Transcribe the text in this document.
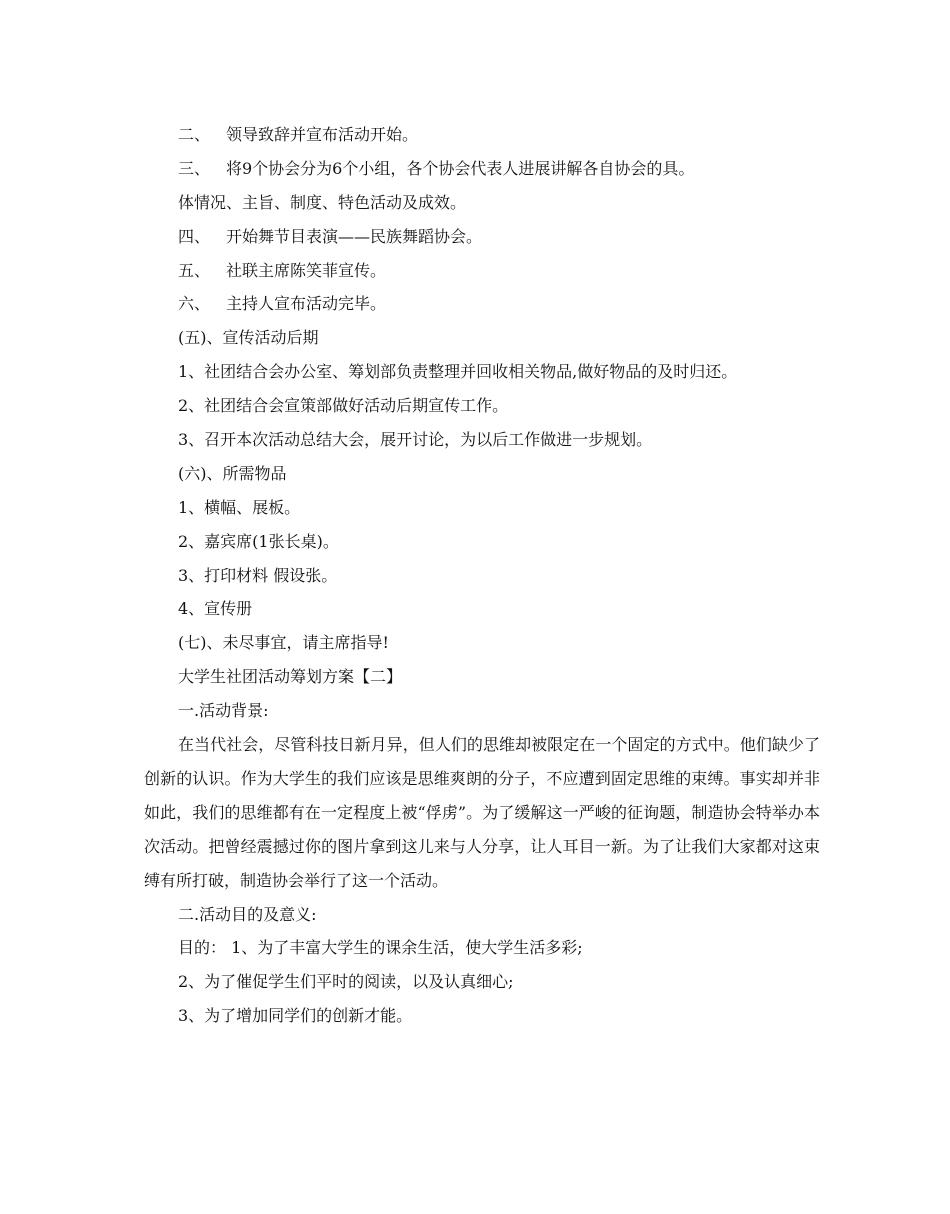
二、 领导致辞并宣布活动开始。
三、 将9个协会分为6个小组，各个协会代表人进展讲解各自协会的具。
体情况、主旨、制度、特色活动及成效。
四、 开始舞节目表演——民族舞蹈协会。
五、 社联主席陈笑菲宣传。
六、 主持人宣布活动完毕。
(五)、宣传活动后期
1、社团结合会办公室、筹划部负责整理并回收相关物品,做好物品的及时归还。
2、社团结合会宣策部做好活动后期宣传工作。
3、召开本次活动总结大会，展开讨论，为以后工作做进一步规划。
(六)、所需物品
1、横幅、展板。
2、嘉宾席(1张长桌)。
3、打印材料 假设张。
4、宣传册
(七)、未尽事宜，请主席指导!
大学生社团活动筹划方案【二】
一.活动背景:

在当代社会，尽管科技日新月异，但人们的思维却被限定在一个固定的方式中。他们缺少了创新的认识。作为大学生的我们应该是思维爽朗的分子，不应遭到固定思维的束缚。事实却并非如此，我们的思维都有在一定程度上被“俘虏”。为了缓解这一严峻的征询题，制造协会特举办本次活动。把曾经震撼过你的图片拿到这儿来与人分享，让人耳目一新。为了让我们大家都对这束缚有所打破，制造协会举行了这一个活动。

二.活动目的及意义:
目的： 1、为了丰富大学生的课余生活，使大学生活多彩;
2、为了催促学生们平时的阅读，以及认真细心;
3、为了增加同学们的创新才能。
